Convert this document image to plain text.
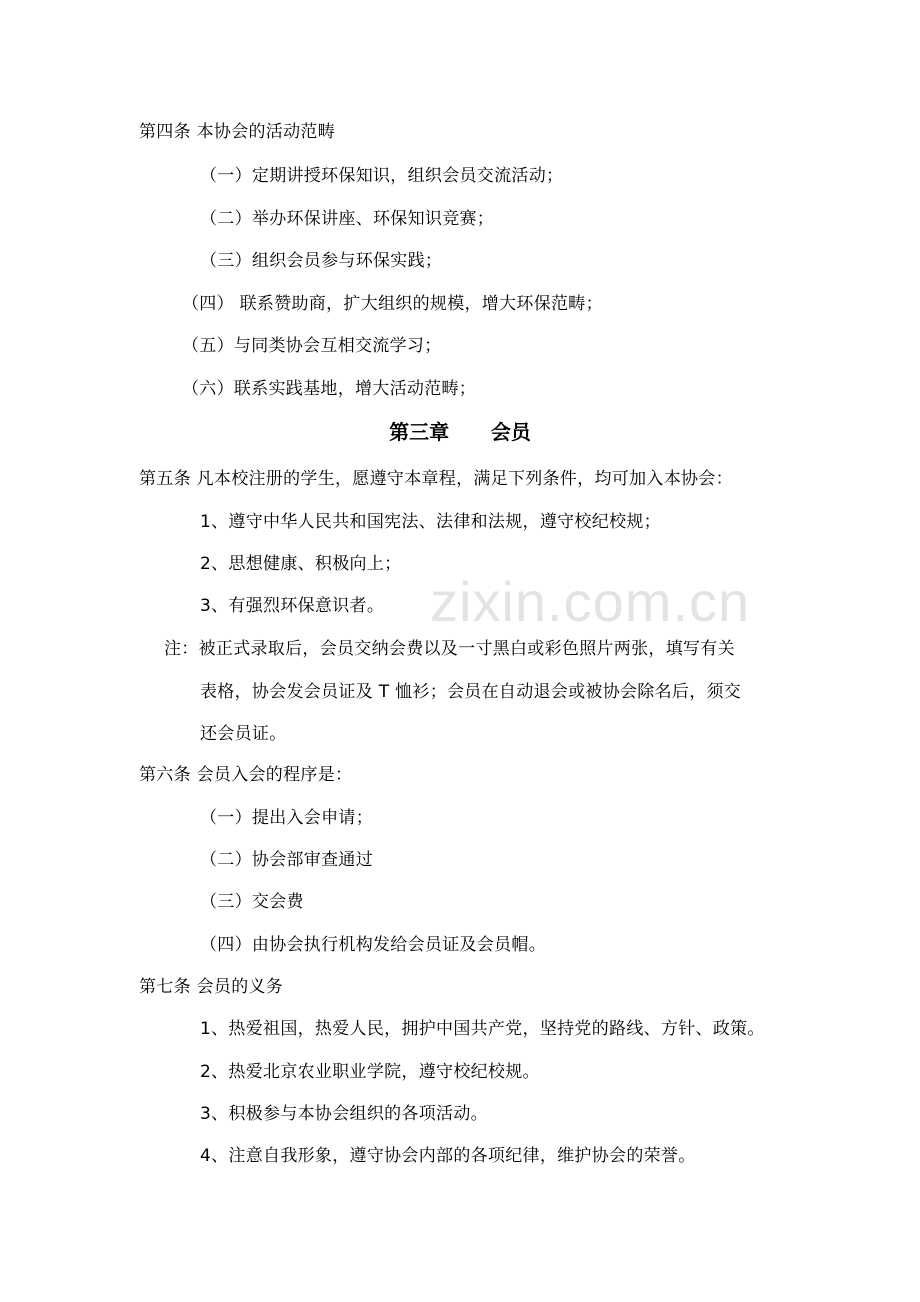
zixin.com.cn
第四条 本协会的活动范畴
（一）定期讲授环保知识，组织会员交流活动；
（二）举办环保讲座、环保知识竞赛；
（三）组织会员参与环保实践；
（四） 联系赞助商，扩大组织的规模，增大环保范畴；
（五）与同类协会互相交流学习；
（六）联系实践基地，增大活动范畴；
第三章      会员
第五条 凡本校注册的学生，愿遵守本章程，满足下列条件，均可加入本协会：
1、遵守中华人民共和国宪法、法律和法规，遵守校纪校规；
2、思想健康、积极向上；
3、有强烈环保意识者。
注：被正式录取后，会员交纳会费以及一寸黑白或彩色照片两张，填写有关
表格，协会发会员证及 T 恤衫；会员在自动退会或被协会除名后，须交
还会员证。
第六条 会员入会的程序是：
（一）提出入会申请；
（二）协会部审查通过
（三）交会费
（四）由协会执行机构发给会员证及会员帽。
第七条 会员的义务
1、热爱祖国，热爱人民，拥护中国共产党，坚持党的路线、方针、政策。
2、热爱北京农业职业学院，遵守校纪校规。
3、积极参与本协会组织的各项活动。
4、注意自我形象，遵守协会内部的各项纪律，维护协会的荣誉。
